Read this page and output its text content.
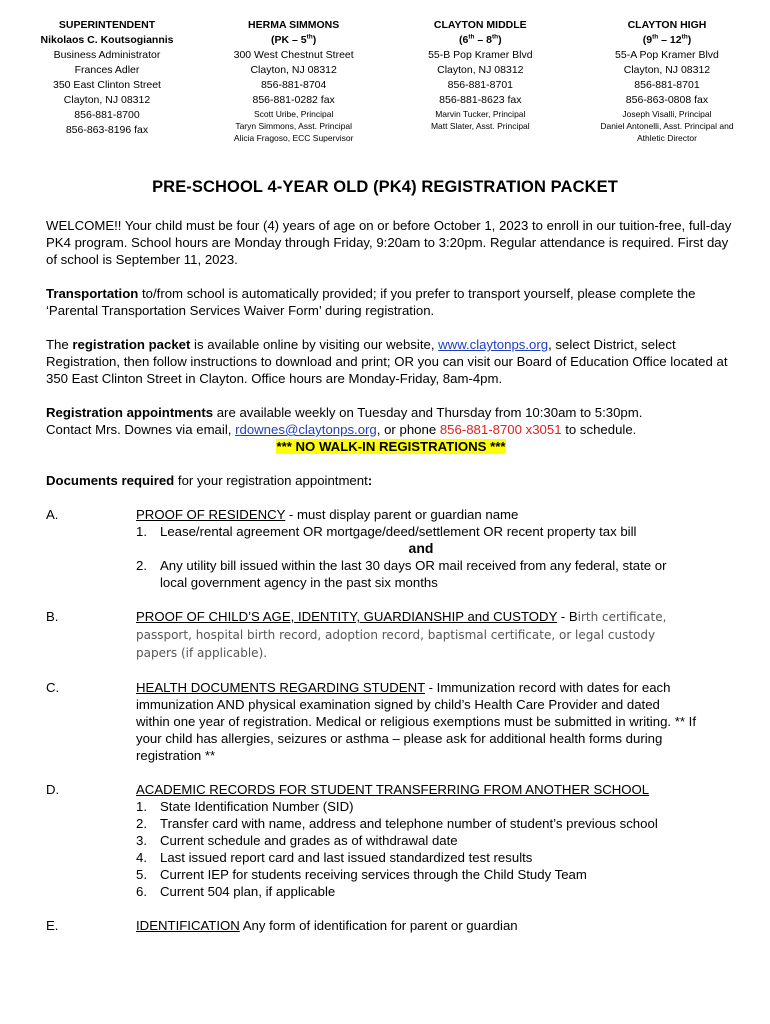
SUPERINTENDENT
Nikolaos C. Koutsogiannis
Business Administrator
Frances Adler
350 East Clinton Street
Clayton, NJ 08312
856-881-8700
856-863-8196 fax
HERMA SIMMONS
(PK – 5th)
300 West Chestnut Street
Clayton, NJ 08312
856-881-8704
856-881-0282 fax
Scott Uribe, Principal
Taryn Simmons, Asst. Principal
Alicia Fragoso, ECC Supervisor
CLAYTON MIDDLE
(6th – 8th)
55-B Pop Kramer Blvd
Clayton, NJ 08312
856-881-8701
856-881-8623 fax
Marvin Tucker, Principal
Matt Slater, Asst. Principal
CLAYTON HIGH
(9th – 12th)
55-A Pop Kramer Blvd
Clayton, NJ 08312
856-881-8701
856-863-0808 fax
Joseph Visalli, Principal
Daniel Antonelli, Asst. Principal and
Athletic Director
PRE-SCHOOL 4-YEAR OLD (PK4) REGISTRATION PACKET

WELCOME!! Your child must be four (4) years of age on or before October 1, 2023 to enroll in our tuition-free, full-day PK4 program. School hours are Monday through Friday, 9:20am to 3:20pm. Regular attendance is required. First day of school is September 11, 2023.

Transportation to/from school is automatically provided; if you prefer to transport yourself, please complete the ‘Parental Transportation Services Waiver Form’ during registration.

The registration packet is available online by visiting our website, www.claytonps.org, select District, select Registration, then follow instructions to download and print; OR you can visit our Board of Education Office located at 350 East Clinton Street in Clayton. Office hours are Monday-Friday, 8am-4pm.

Registration appointments are available weekly on Tuesday and Thursday from 10:30am to 5:30pm.
Contact Mrs. Downes via email, rdownes@claytonps.org, or phone 856-881-8700 x3051 to schedule.

*** NO WALK-IN REGISTRATIONS ***

Documents required for your registration appointment:

A.	PROOF OF RESIDENCY - must display parent or guardian name
1. Lease/rental agreement OR mortgage/deed/settlement OR recent property tax bill
and
2. Any utility bill issued within the last 30 days OR mail received from any federal, state or local government agency in the past six months
B.	PROOF OF CHILD’S AGE, IDENTITY, GUARDIANSHIP and CUSTODY - Birth certificate, passport, hospital birth record, adoption record, baptismal certificate, or legal custody papers (if applicable).
C.	HEALTH DOCUMENTS REGARDING STUDENT - Immunization record with dates for each immunization AND physical examination signed by child’s Health Care Provider and dated within one year of registration. Medical or religious exemptions must be submitted in writing. ** If your child has allergies, seizures or asthma – please ask for additional health forms during registration **
D.	ACADEMIC RECORDS FOR STUDENT TRANSFERRING FROM ANOTHER SCHOOL
1. State Identification Number (SID)
2. Transfer card with name, address and telephone number of student’s previous school
3. Current schedule and grades as of withdrawal date
4. Last issued report card and last issued standardized test results
5. Current IEP for students receiving services through the Child Study Team
6. Current 504 plan, if applicable
E.	IDENTIFICATION Any form of identification for parent or guardian
